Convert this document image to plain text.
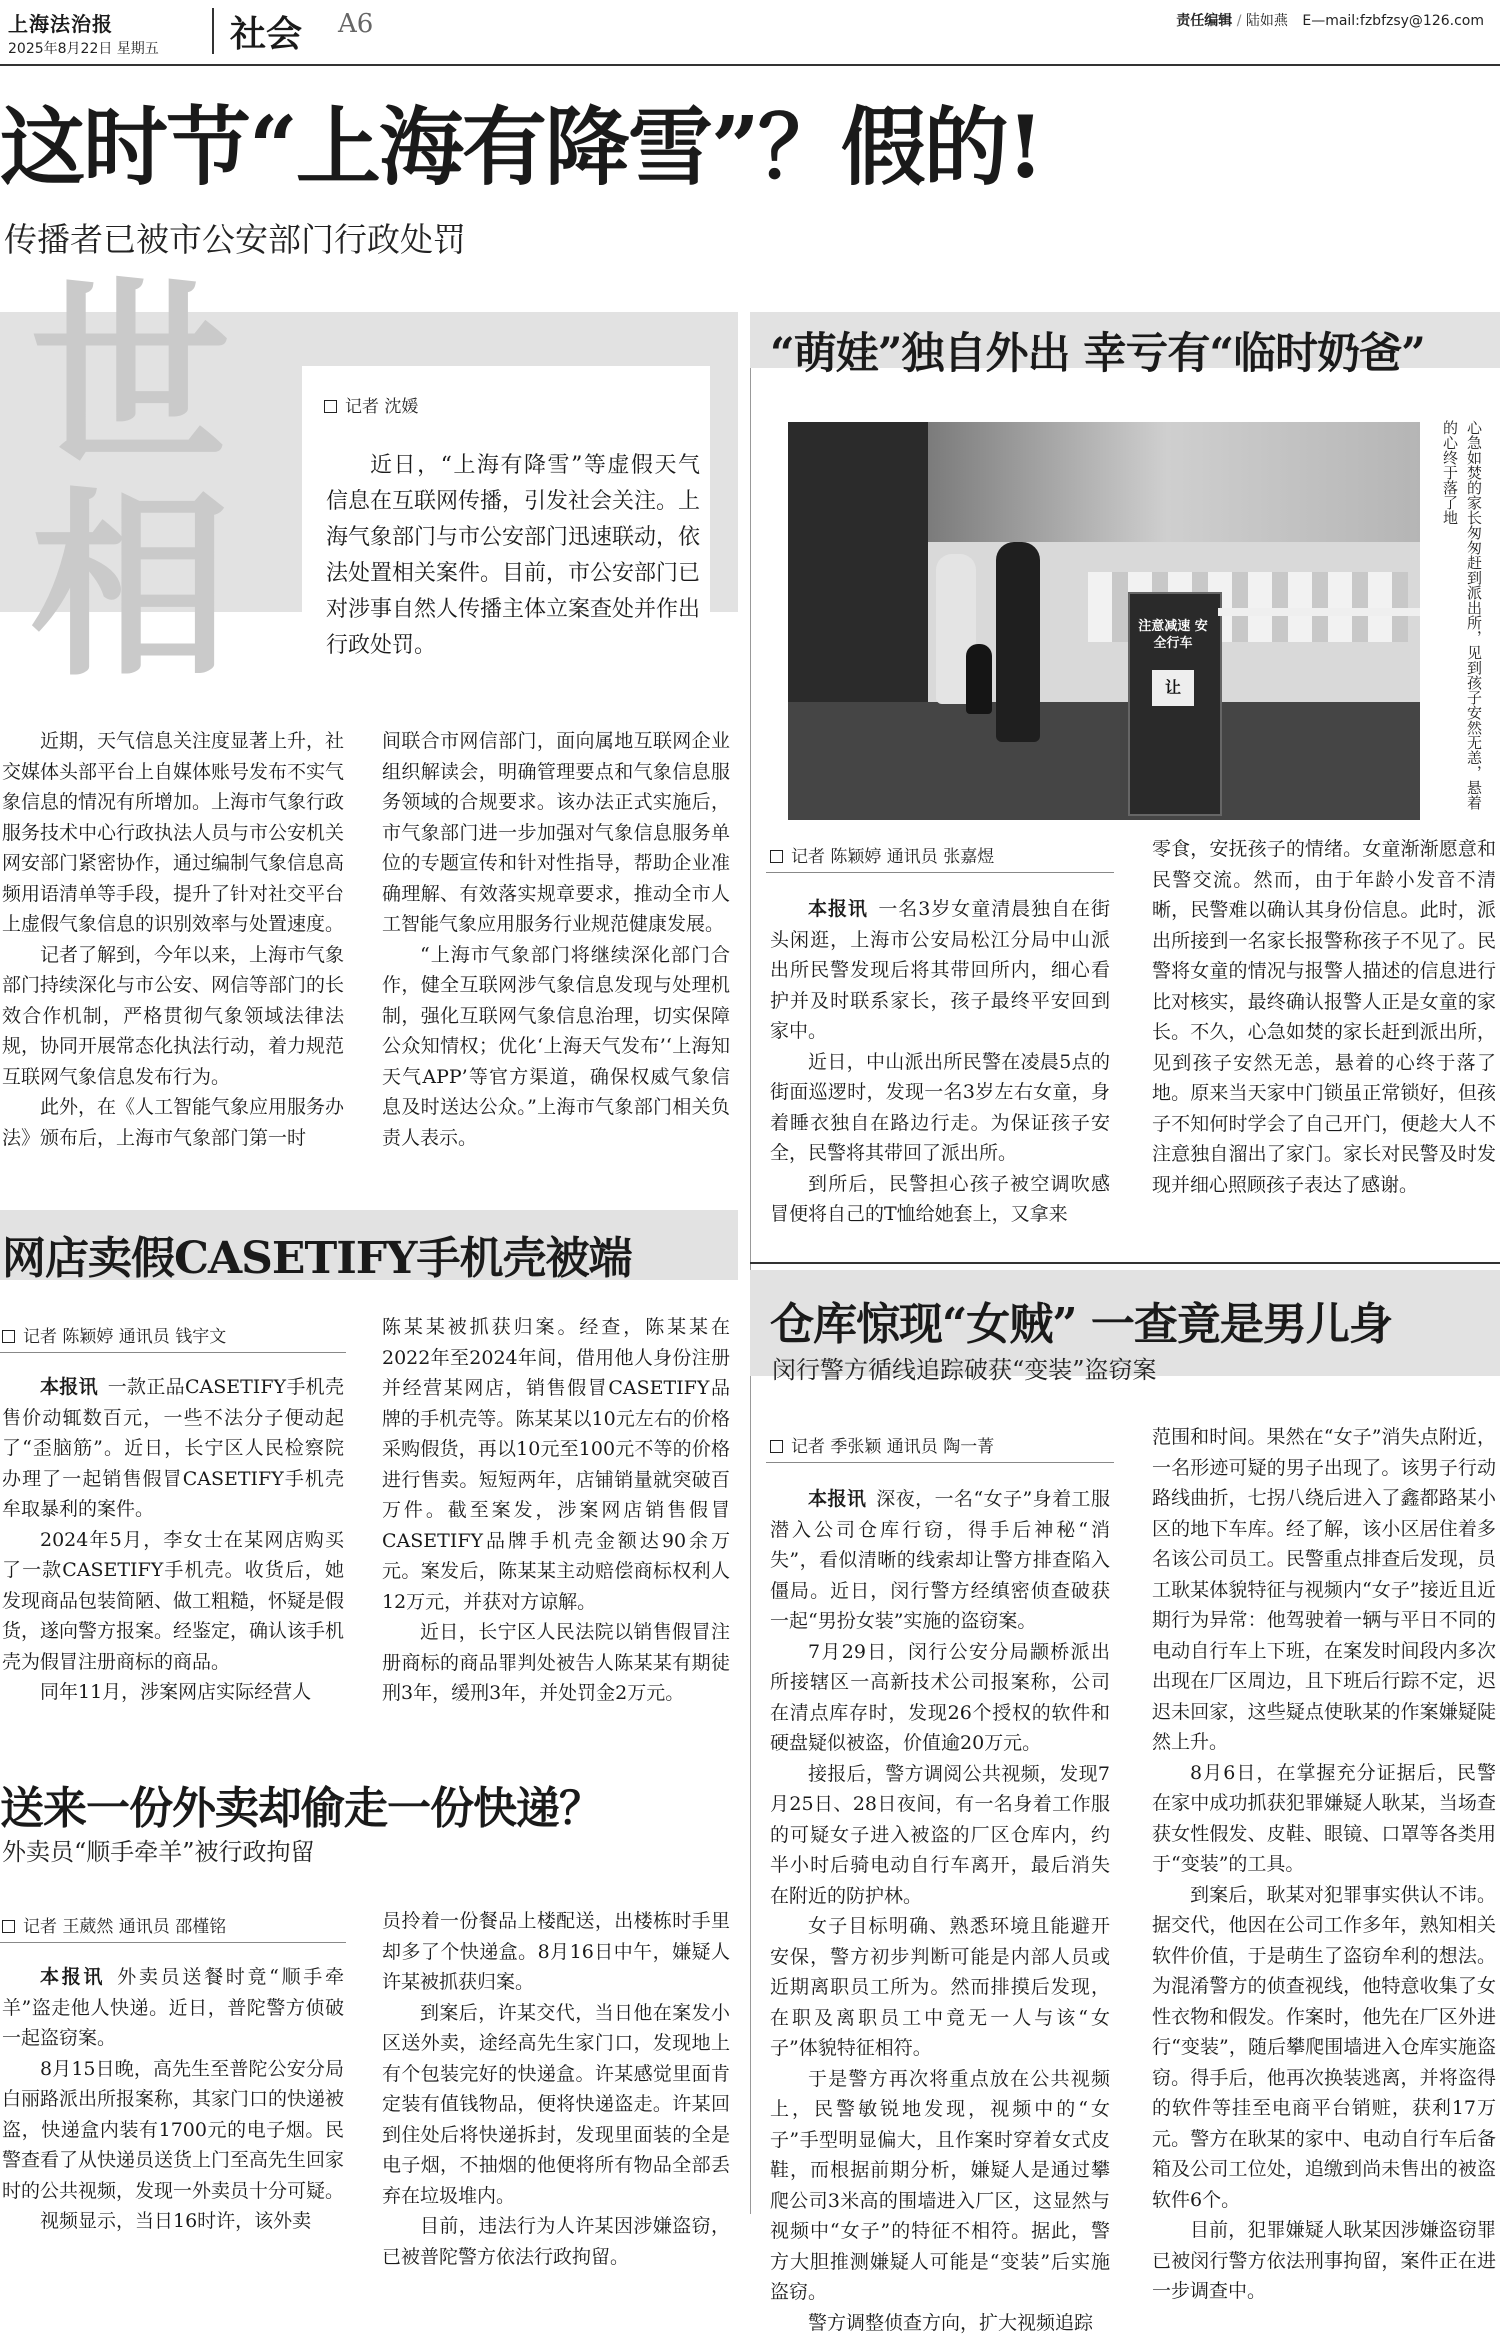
上海法治报
2025年8月22日 星期五 社会 A6	责任编辑 / 陆如燕 E—mail:fzbfzsy@126.com
这时节“上海有降雪”？假的!
传播者已被市公安部门行政处罚
世相
记者 沈媛
近日，“上海有降雪”等虚假天气信息在互联网传播，引发社会关注。上海气象部门与市公安部门迅速联动，依法处置相关案件。目前，市公安部门已对涉事自然人传播主体立案查处并作出行政处罚。

近期，天气信息关注度显著上升，社交媒体头部平台上自媒体账号发布不实气象信息的情况有所增加。上海市气象行政服务技术中心行政执法人员与市公安机关网安部门紧密协作，通过编制气象信息高频用语清单等手段，提升了针对社交平台上虚假气象信息的识别效率与处置速度。

记者了解到，今年以来，上海市气象部门持续深化与市公安、网信等部门的长效合作机制，严格贯彻气象领域法律法规，协同开展常态化执法行动，着力规范互联网气象信息发布行为。

此外，在《人工智能气象应用服务办法》颁布后，上海市气象部门第一时

间联合市网信部门，面向属地互联网企业组织解读会，明确管理要点和气象信息服务领域的合规要求。该办法正式实施后，市气象部门进一步加强对气象信息服务单位的专题宣传和针对性指导，帮助企业准确理解、有效落实规章要求，推动全市人工智能气象应用服务行业规范健康发展。

“上海市气象部门将继续深化部门合作，健全互联网涉气象信息发现与处理机制，强化互联网气象信息治理，切实保障公众知情权；优化‘上海天气发布’‘上海知天气APP’等官方渠道，确保权威气象信息及时送达公众。”上海市气象部门相关负责人表示。

“萌娃”独自外出 幸亏有“临时奶爸”
注意减速 安全行车
让	心急如焚的家长匆匆赶到派出所，见到孩子安然无恙，悬着的心终于落了地
记者 陈颖婷 通讯员 张嘉煜

本报讯  一名3岁女童清晨独自在街头闲逛，上海市公安局松江分局中山派出所民警发现后将其带回所内，细心看护并及时联系家长，孩子最终平安回到家中。

近日，中山派出所民警在凌晨5点的街面巡逻时，发现一名3岁左右女童，身着睡衣独自在路边行走。为保证孩子安全，民警将其带回了派出所。

到所后，民警担心孩子被空调吹感冒便将自己的T恤给她套上，又拿来

零食，安抚孩子的情绪。女童渐渐愿意和民警交流。然而，由于年龄小发音不清晰，民警难以确认其身份信息。此时，派出所接到一名家长报警称孩子不见了。民警将女童的情况与报警人描述的信息进行比对核实，最终确认报警人正是女童的家长。不久，心急如焚的家长赶到派出所，见到孩子安然无恙，悬着的心终于落了地。原来当天家中门锁虽正常锁好，但孩子不知何时学会了自己开门，便趁大人不注意独自溜出了家门。家长对民警及时发现并细心照顾孩子表达了感谢。

网店卖假CASETIFY手机壳被端
记者 陈颖婷 通讯员 钱宇文

本报讯  一款正品CASETIFY手机壳售价动辄数百元，一些不法分子便动起了“歪脑筋”。近日，长宁区人民检察院办理了一起销售假冒CASETIFY手机壳牟取暴利的案件。

2024年5月，李女士在某网店购买了一款CASETIFY手机壳。收货后，她发现商品包装简陋、做工粗糙，怀疑是假货，遂向警方报案。经鉴定，确认该手机壳为假冒注册商标的商品。

同年11月，涉案网店实际经营人

陈某某被抓获归案。经查，陈某某在2022年至2024年间，借用他人身份注册并经营某网店，销售假冒CASETIFY品牌的手机壳等。陈某某以10元左右的价格采购假货，再以10元至100元不等的价格进行售卖。短短两年，店铺销量就突破百万件。截至案发，涉案网店销售假冒CASETIFY品牌手机壳金额达90余万元。案发后，陈某某主动赔偿商标权利人12万元，并获对方谅解。

近日，长宁区人民法院以销售假冒注册商标的商品罪判处被告人陈某某有期徒刑3年，缓刑3年，并处罚金2万元。

仓库惊现“女贼” 一查竟是男儿身
闵行警方循线追踪破获“变装”盗窃案
记者 季张颖 通讯员 陶一菁

本报讯  深夜，一名“女子”身着工服潜入公司仓库行窃，得手后神秘“消失”，看似清晰的线索却让警方排查陷入僵局。近日，闵行警方经缜密侦查破获一起“男扮女装”实施的盗窃案。

7月29日，闵行公安分局颛桥派出所接辖区一高新技术公司报案称，公司在清点库存时，发现26个授权的软件和硬盘疑似被盗，价值逾20万元。

接报后，警方调阅公共视频，发现7月25日、28日夜间，有一名身着工作服的可疑女子进入被盗的厂区仓库内，约半小时后骑电动自行车离开，最后消失在附近的防护林。

女子目标明确、熟悉环境且能避开安保，警方初步判断可能是内部人员或近期离职员工所为。然而排摸后发现，在职及离职员工中竟无一人与该“女子”体貌特征相符。

于是警方再次将重点放在公共视频上，民警敏锐地发现，视频中的“女子”手型明显偏大，且作案时穿着女式皮鞋，而根据前期分析，嫌疑人是通过攀爬公司3米高的围墙进入厂区，这显然与视频中“女子”的特征不相符。据此，警方大胆推测嫌疑人可能是“变装”后实施盗窃。

警方调整侦查方向，扩大视频追踪

范围和时间。果然在“女子”消失点附近，一名形迹可疑的男子出现了。该男子行动路线曲折，七拐八绕后进入了鑫都路某小区的地下车库。经了解，该小区居住着多名该公司员工。民警重点排查后发现，员工耿某体貌特征与视频内“女子”接近且近期行为异常：他驾驶着一辆与平日不同的电动自行车上下班，在案发时间段内多次出现在厂区周边，且下班后行踪不定，迟迟未回家，这些疑点使耿某的作案嫌疑陡然上升。

8月6日，在掌握充分证据后，民警在家中成功抓获犯罪嫌疑人耿某，当场查获女性假发、皮鞋、眼镜、口罩等各类用于“变装”的工具。

到案后，耿某对犯罪事实供认不讳。据交代，他因在公司工作多年，熟知相关软件价值，于是萌生了盗窃牟利的想法。为混淆警方的侦查视线，他特意收集了女性衣物和假发。作案时，他先在厂区外进行“变装”，随后攀爬围墙进入仓库实施盗窃。得手后，他再次换装逃离，并将盗得的软件等挂至电商平台销赃，获利17万元。警方在耿某的家中、电动自行车后备箱及公司工位处，追缴到尚未售出的被盗软件6个。

目前，犯罪嫌疑人耿某因涉嫌盗窃罪已被闵行警方依法刑事拘留，案件正在进一步调查中。

送来一份外卖却偷走一份快递？
外卖员“顺手牵羊”被行政拘留
记者 王葳然 通讯员 邵槿铭

本报讯  外卖员送餐时竟“顺手牵羊”盗走他人快递。近日，普陀警方侦破一起盗窃案。

8月15日晚，高先生至普陀公安分局白丽路派出所报案称，其家门口的快递被盗，快递盒内装有1700元的电子烟。民警查看了从快递员送货上门至高先生回家时的公共视频，发现一外卖员十分可疑。

视频显示，当日16时许，该外卖

员拎着一份餐品上楼配送，出楼栋时手里却多了个快递盒。8月16日中午，嫌疑人许某被抓获归案。

到案后，许某交代，当日他在案发小区送外卖，途经高先生家门口，发现地上有个包装完好的快递盒。许某感觉里面肯定装有值钱物品，便将快递盗走。许某回到住处后将快递拆封，发现里面装的全是电子烟，不抽烟的他便将所有物品全部丢弃在垃圾堆内。

目前，违法行为人许某因涉嫌盗窃，已被普陀警方依法行政拘留。
